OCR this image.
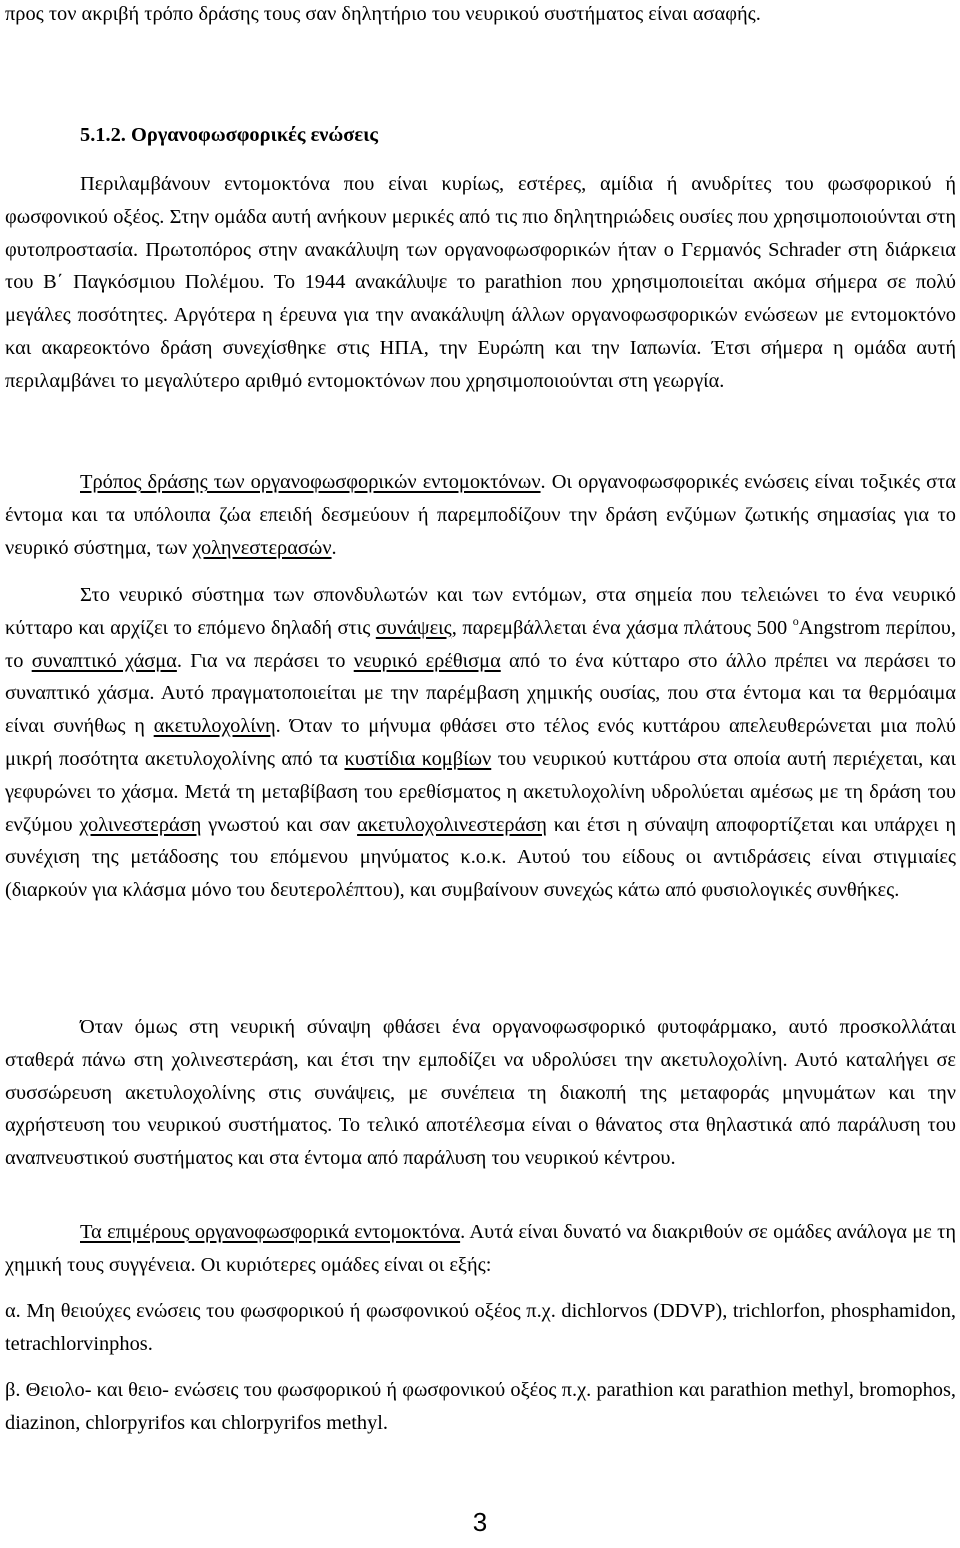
προς τον ακριβή τρόπο δράσης τους σαν δηλητήριο του νευρικού συστήματος είναι ασαφής.

5.1.2. Οργανοφωσφορικές ενώσεις

Περιλαμβάνουν εντομοκτόνα που είναι κυρίως, εστέρες, αμίδια ή ανυδρίτες του φωσφορικού ή φωσφονικού οξέος. Στην ομάδα αυτή ανήκουν μερικές από τις πιο δηλητηριώδεις ουσίες που χρησιμοποιούνται στη φυτοπροστασία. Πρωτοπόρος στην ανακάλυψη των οργανοφωσφορικών ήταν ο Γερμανός Schrader στη διάρκεια του Β΄ Παγκόσμιου Πολέμου. Το 1944 ανακάλυψε το parathion που χρησιμοποιείται ακόμα σήμερα σε πολύ μεγάλες ποσότητες. Αργότερα η έρευνα για την ανακάλυψη άλλων οργανοφωσφορικών ενώσεων με εντομοκτόνο και ακαρεοκτόνο δράση συνεχίσθηκε στις ΗΠΑ, την Ευρώπη και την Ιαπωνία. Έτσι σήμερα η ομάδα αυτή περιλαμβάνει το μεγαλύτερο αριθμό εντομοκτόνων που χρησιμοποιούνται στη γεωργία.

Τρόπος δράσης των οργανοφωσφορικών εντομοκτόνων. Οι οργανοφωσφορικές ενώσεις είναι τοξικές στα έντομα και τα υπόλοιπα ζώα επειδή δεσμεύουν ή παρεμποδίζουν την δράση ενζύμων ζωτικής σημασίας για το νευρικό σύστημα, των χοληνεστερασών.

Στο νευρικό σύστημα των σπονδυλωτών και των εντόμων, στα σημεία που τελειώνει το ένα νευρικό κύτταρο και αρχίζει το επόμενο δηλαδή στις συνάψεις, παρεμβάλλεται ένα χάσμα πλάτους 500 $^o$Angstrom περίπου, το συναπτικό χάσμα. Για να περάσει το νευρικό ερέθισμα από το ένα κύτταρο στο άλλο πρέπει να περάσει το συναπτικό χάσμα. Αυτό πραγματοποιείται με την παρέμβαση χημικής ουσίας, που στα έντομα και τα θερμόαιμα είναι συνήθως η ακετυλοχολίνη. Όταν το μήνυμα φθάσει στο τέλος ενός κυττάρου απελευθερώνεται μια πολύ μικρή ποσότητα ακετυλοχολίνης από τα κυστίδια κομβίων του νευρικού κυττάρου στα οποία αυτή περιέχεται, και γεφυρώνει το χάσμα. Μετά τη μεταβίβαση του ερεθίσματος η ακετυλοχολίνη υδρολύεται αμέσως με τη δράση του ενζύμου χολινεστεράση γνωστού και σαν ακετυλοχολινεστεράση και έτσι η σύναψη αποφορτίζεται και υπάρχει η συνέχιση της μετάδοσης του επόμενου μηνύματος κ.ο.κ. Αυτού του είδους οι αντιδράσεις είναι στιγμιαίες (διαρκούν για κλάσμα μόνο του δευτερολέπτου), και συμβαίνουν συνεχώς κάτω από φυσιολογικές συνθήκες.

Όταν όμως στη νευρική σύναψη φθάσει ένα οργανοφωσφορικό φυτοφάρμακο, αυτό προσκολλάται σταθερά πάνω στη χολινεστεράση, και έτσι την εμποδίζει να υδρολύσει την ακετυλοχολίνη. Αυτό καταλήγει σε συσσώρευση ακετυλοχολίνης στις συνάψεις, με συνέπεια τη διακοπή της μεταφοράς μηνυμάτων και την αχρήστευση του νευρικού συστήματος. Το τελικό αποτέλεσμα είναι ο θάνατος στα θηλαστικά από παράλυση του αναπνευστικού συστήματος και στα έντομα από παράλυση του νευρικού κέντρου.

Τα επιμέρους οργανοφωσφορικά εντομοκτόνα. Αυτά είναι δυνατό να διακριθούν σε ομάδες ανάλογα με τη χημική τους συγγένεια. Οι κυριότερες ομάδες είναι οι εξής:

α. Μη θειούχες ενώσεις του φωσφορικού ή φωσφονικού οξέος π.χ. dichlorvos (DDVP), trichlorfon, phosphamidon, tetrachlorvinphos.

β. Θειολο- και θειο- ενώσεις του φωσφορικού ή φωσφονικού οξέος π.χ. parathion και parathion methyl, bromophos, diazinon, chlorpyrifos και chlorpyrifos methyl.

3
